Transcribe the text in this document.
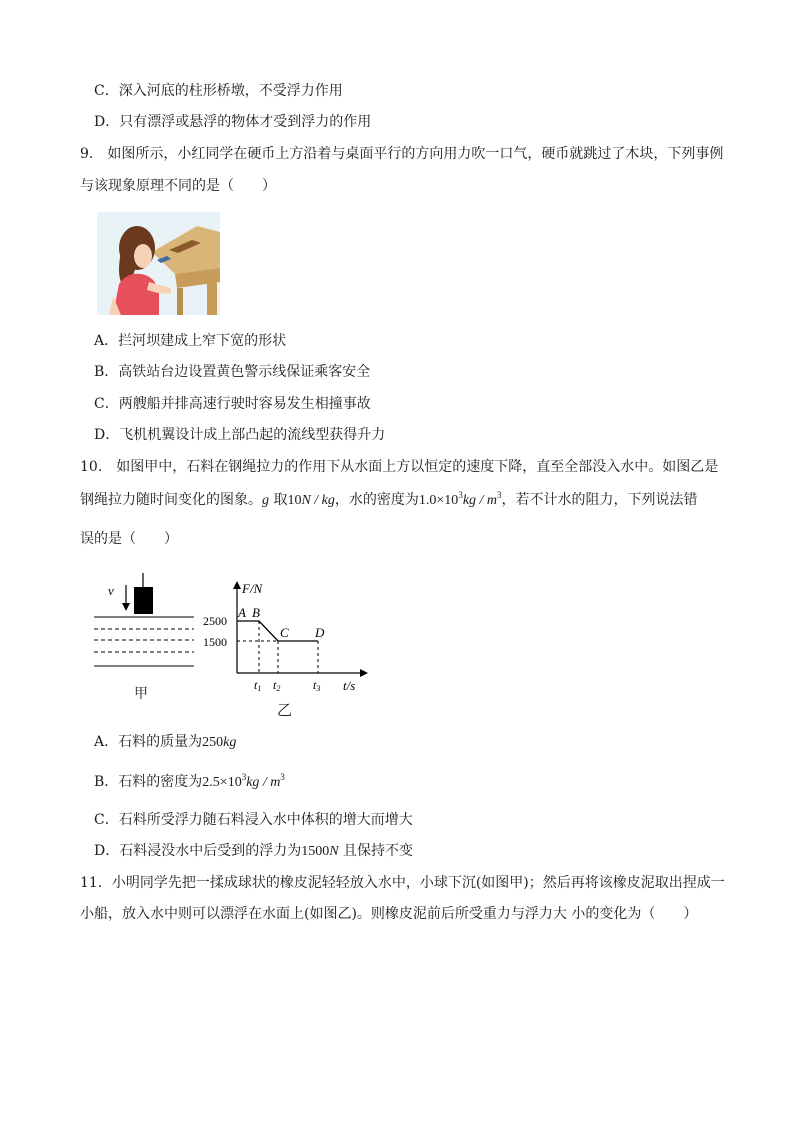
C．深入河底的柱形桥墩，不受浮力作用
D．只有漂浮或悬浮的物体才受到浮力的作用
9.　如图所示，小红同学在硬币上方沿着与桌面平行的方向用力吹一口气，硬币就跳过了木块，下列事例
与该现象原理不同的是（　　）
A．拦河坝建成上窄下宽的形状
B．高铁站台边设置黄色警示线保证乘客安全
C．两艘船并排高速行驶时容易发生相撞事故
D．飞机机翼设计成上部凸起的流线型获得升力
10.　如图甲中，石料在钢绳拉力的作用下从水面上方以恒定的速度下降，直至全部没入水中。如图乙是
钢绳拉力随时间变化的图象。g 取10N / kg，水的密度为$1.0\times 10^3kg / m^3$，若不计水的阻力，下列说法错
误的是（　　）
v
甲
F/N
t/s
2500
1500
A B
C D
t1 t2	t3
乙
A．石料的质量为250kg
B．石料的密度为$2.5\times 10^3kg / m^3$
C．石料所受浮力随石料浸入水中体积的增大而增大
D．石料浸没水中后受到的浮力为1500N 且保持不变
11．小明同学先把一揉成球状的橡皮泥轻轻放入水中，小球下沉(如图甲)；然后再将该橡皮泥取出捏成一
小船，放入水中则可以漂浮在水面上(如图乙)。则橡皮泥前后所受重力与浮力大 小的变化为（　　）
